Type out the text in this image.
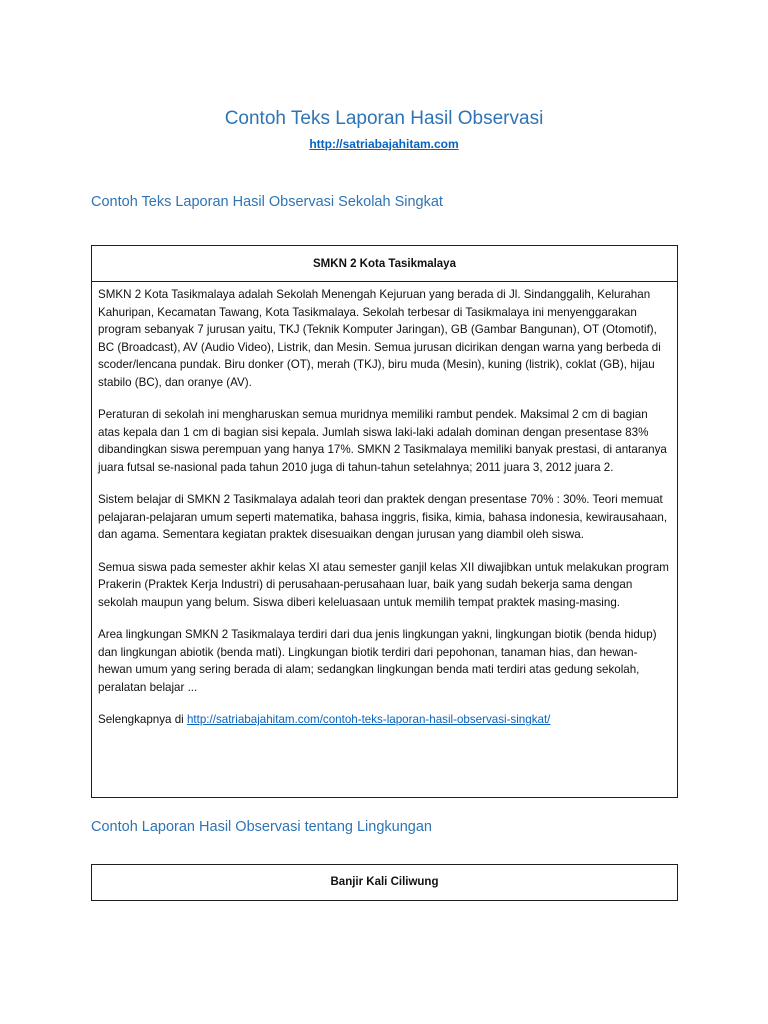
Contoh Teks Laporan Hasil Observasi
http://satriabajahitam.com
Contoh Teks Laporan Hasil Observasi Sekolah Singkat
SMKN 2 Kota Tasikmalaya

SMKN 2 Kota Tasikmalaya adalah Sekolah Menengah Kejuruan yang berada di Jl. Sindanggalih, Kelurahan Kahuripan, Kecamatan Tawang, Kota Tasikmalaya. Sekolah terbesar di Tasikmalaya ini menyenggarakan program sebanyak 7 jurusan yaitu, TKJ (Teknik Komputer Jaringan), GB (Gambar Bangunan), OT (Otomotif), BC (Broadcast), AV (Audio Video), Listrik, dan Mesin. Semua jurusan dicirikan dengan warna yang berbeda di scoder/lencana pundak. Biru donker (OT), merah (TKJ), biru muda (Mesin), kuning (listrik), coklat (GB), hijau stabilo (BC), dan oranye (AV).

Peraturan di sekolah ini mengharuskan semua muridnya memiliki rambut pendek. Maksimal 2 cm di bagian atas kepala dan 1 cm di bagian sisi kepala. Jumlah siswa laki-laki adalah dominan dengan presentase 83% dibandingkan siswa perempuan yang hanya 17%. SMKN 2 Tasikmalaya memiliki banyak prestasi, di antaranya juara futsal se-nasional pada tahun 2010 juga di tahun-tahun setelahnya; 2011 juara 3, 2012 juara 2.

Sistem belajar di SMKN 2 Tasikmalaya adalah teori dan praktek dengan presentase 70% : 30%. Teori memuat pelajaran-pelajaran umum seperti matematika, bahasa inggris, fisika, kimia, bahasa indonesia, kewirausahaan, dan agama. Sementara kegiatan praktek disesuaikan dengan jurusan yang diambil oleh siswa.

Semua siswa pada semester akhir kelas XI atau semester ganjil kelas XII diwajibkan untuk melakukan program Prakerin (Praktek Kerja Industri) di perusahaan-perusahaan luar, baik yang sudah bekerja sama dengan sekolah maupun yang belum. Siswa diberi keleluasaan untuk memilih tempat praktek masing-masing.

Area lingkungan SMKN 2 Tasikmalaya terdiri dari dua jenis lingkungan yakni, lingkungan biotik (benda hidup) dan lingkungan abiotik (benda mati). Lingkungan biotik terdiri dari pepohonan, tanaman hias, dan hewan-hewan umum yang sering berada di alam; sedangkan lingkungan benda mati terdiri atas gedung sekolah, peralatan belajar ...

Selengkapnya di http://satriabajahitam.com/contoh-teks-laporan-hasil-observasi-singkat/

Contoh Laporan Hasil Observasi tentang Lingkungan
Banjir Kali Ciliwung
